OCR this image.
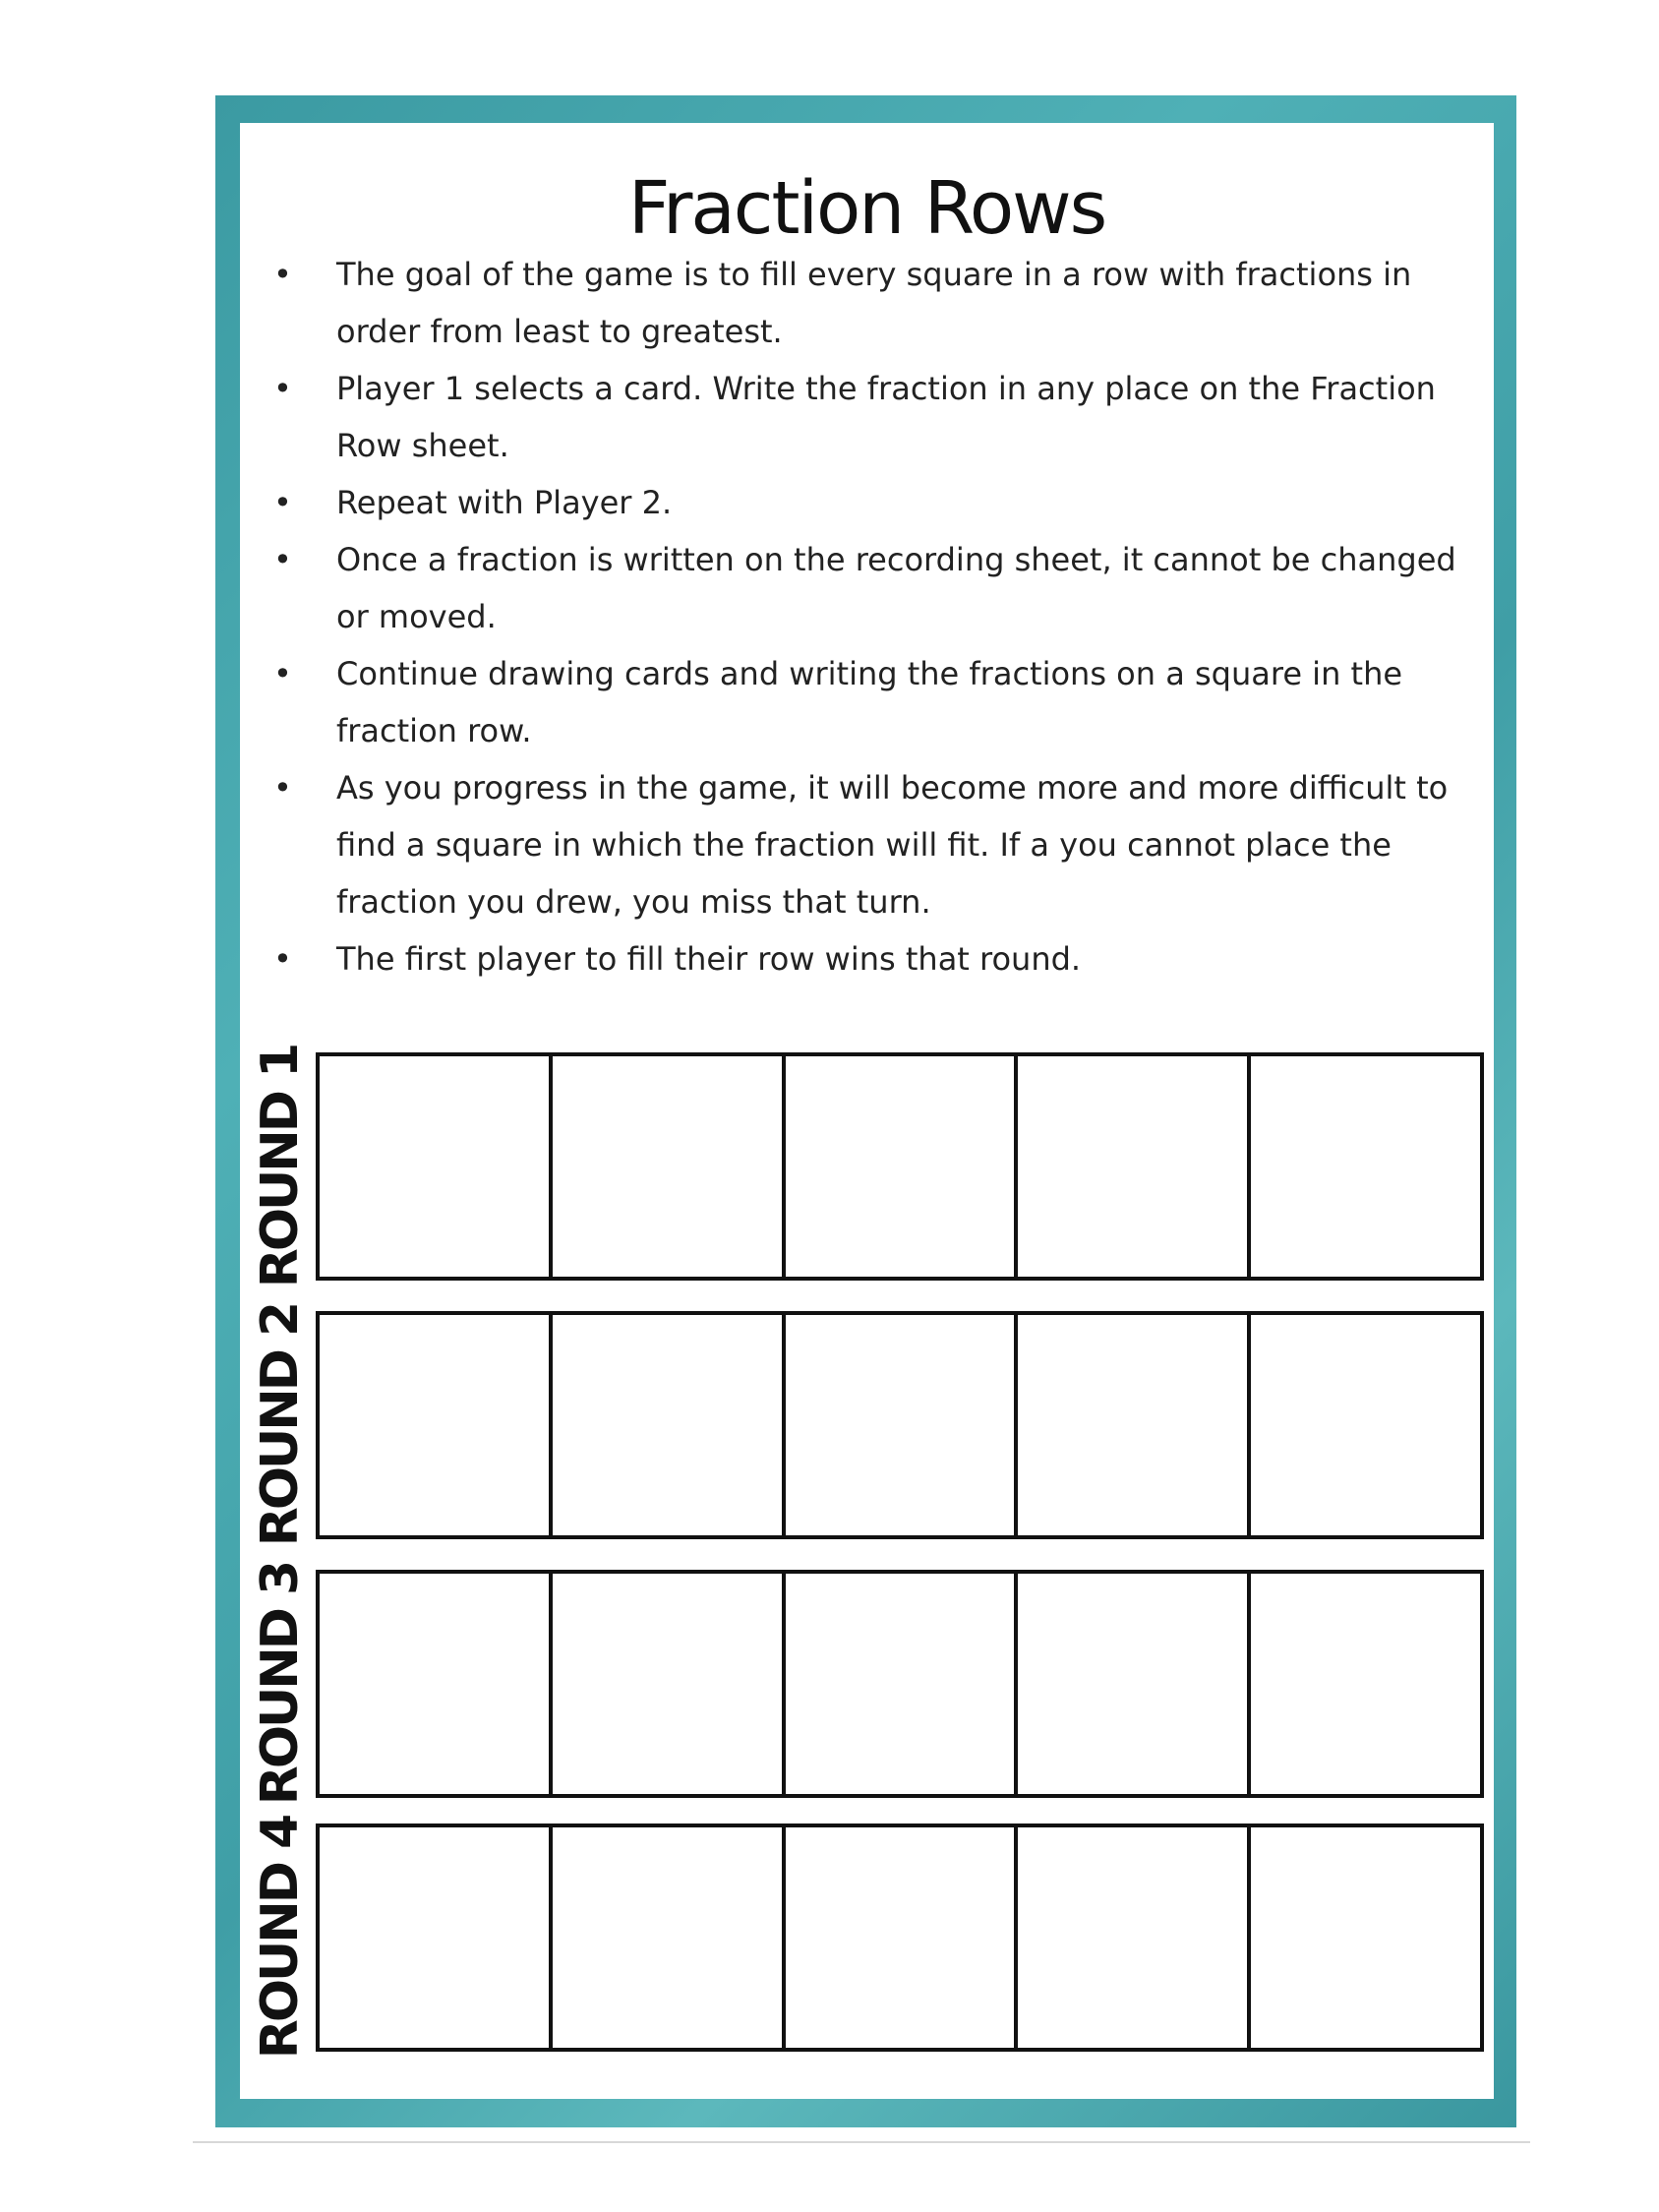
Fraction Rows
• The goal of the game is to fill every square in a row with fractions in order from least to greatest.
• Player 1 selects a card. Write the fraction in any place on the Fraction Row sheet.
• Repeat with Player 2.
• Once a fraction is written on the recording sheet, it cannot be changed or moved.
• Continue drawing cards and writing the fractions on a square in the fraction row.
• As you progress in the game, it will become more and more difficult to find a square in which the fraction will fit. If a you cannot place the fraction you drew, you miss that turn.
• The first player to fill their row wins that round.
ROUND 1
ROUND 2
ROUND 3
ROUND 4
